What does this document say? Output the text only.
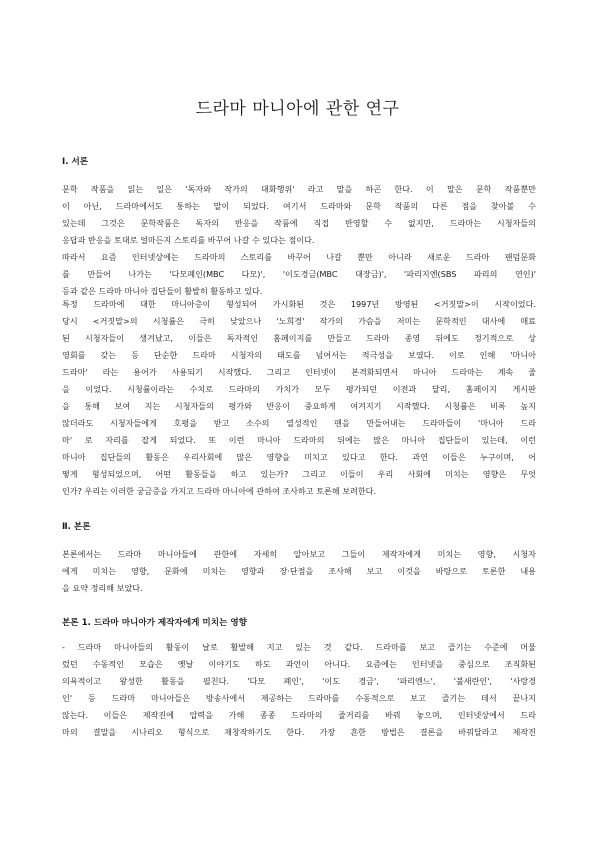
드라마 마니아에 관한 연구
Ⅰ. 서론
문학 작품을 읽는 일은 '독자와 작가의 대화행위' 라고 말을 하곤 한다. 이 말은 문학 작품뿐만
이 아닌, 드라마에서도 통하는 말이 되었다. 여기서 드라마와 문학 작품의 다른 점을 찾아볼 수
있는데 그것은 문학작품은 독자의 반응을 작품에 직접 반영할 수 없지만, 드라마는 시청자들의
응답과 반응을 토대로 얼마든지 스토리를 바꾸어 나갈 수 있다는 점이다.
따라서 요즘 인터넷상에는 드라마의 스토리를 바꾸어 나갈 뿐만 아니라 새로운 드라마 팬덤문화
를 만들어 나가는 '다모폐인(MBC 다모)', '이도경금(MBC 대장금)', '파리지엔(SBS 파리의 연인)'
등과 같은 드라마 마니아 집단들이 활발히 활동하고 있다.
특정 드라마에 대한 마니아층이 형성되어 가시화된 것은 1997년 방영된 <거짓말>이 시작이었다.
당시 <거짓말>의 시청률은 극히 낮았으나 '노희경' 작가의 가슴을 저미는 문학적인 대사에 매료
된 시청자들이 생겨났고, 이들은 독자적인 홈페이지를 만들고 드라마 종영 뒤에도 정기적으로 상
영회를 갖는 등 단순한 드라마 시청자의 태도를 넘어서는 적극성을 보였다. 이로 인해 '마니아
드라마' 라는 용어가 사용되기 시작했다. 그리고 인터넷이 본격화되면서 마니아 드라마는 계속 줄
을 이었다. 시청률이라는 수치로 드라마의 가치가 모두 평가되던 이전과 달리, 홈페이지 게시판
을 통해 보여 지는 시청자들의 평가와 반응이 중요하게 여겨지기 시작했다. 시청률은 비록 높지
않더라도 시청자들에게 호평을 받고 소수의 열성적인 팬을 만들어내는 드라마들이 '마니아 드라
마' 로 자리를 잡게 되었다. 또 이런 마니아 드라마의 뒤에는 많은 마니아 집단들이 있는데, 이런
마니아 집단들의 활동은 우리사회에 많은 영향을 미치고 있다고 한다. 과연 이들은 누구이며, 어
떻게 형성되었으며, 어떤 활동들을 하고 있는가? 그리고 이들이 우리 사회에 미치는 영향은 무엇
인가? 우리는 이러한 궁금증을 가지고 드라마 마니아에 관하여 조사하고 토론해 보려한다.
Ⅱ. 본론
본론에서는 드라마 마니아들에 관한에 자세히 알아보고 그들이 제작자에게 미치는 영향, 시청자
에게 미치는 영향, 문화에 미치는 영향과 장·단점을 조사해 보고 이것을 바탕으로 토론한 내용
을 요약 정리해 보았다.
본론 1. 드라마 마니아가 제작자에게 미치는 영향
- 드라마 마니아들의 활동이 날로 활발해 지고 있는 것 같다. 드라마를 보고 즐기는 수준에 머물
렀던 수동적인 모습은 옛날 이야기도 하도 과언이 아니다. 요즘에는 인터넷을 중심으로 조직화된
의욕적이고 왕성한 활동을 펼친다. '다모 폐인', '이도 경금', '파리엔느', '불새란인', '사랑경
인' 등 드라마 마니아들은 방송사에서 제공하는 드라마를 수동적으로 보고 즐기는 데서 끝나지
않는다. 이들은 제작진에 압력을 가해 종종 드라마의 줄거리를 바꿔 놓으며, 인터넷상에서 드라
마의 결말을 시나리오 형식으로 재창작하기도 한다. 가장 흔한 방법은 결론을 바꿔달라고 제작진
